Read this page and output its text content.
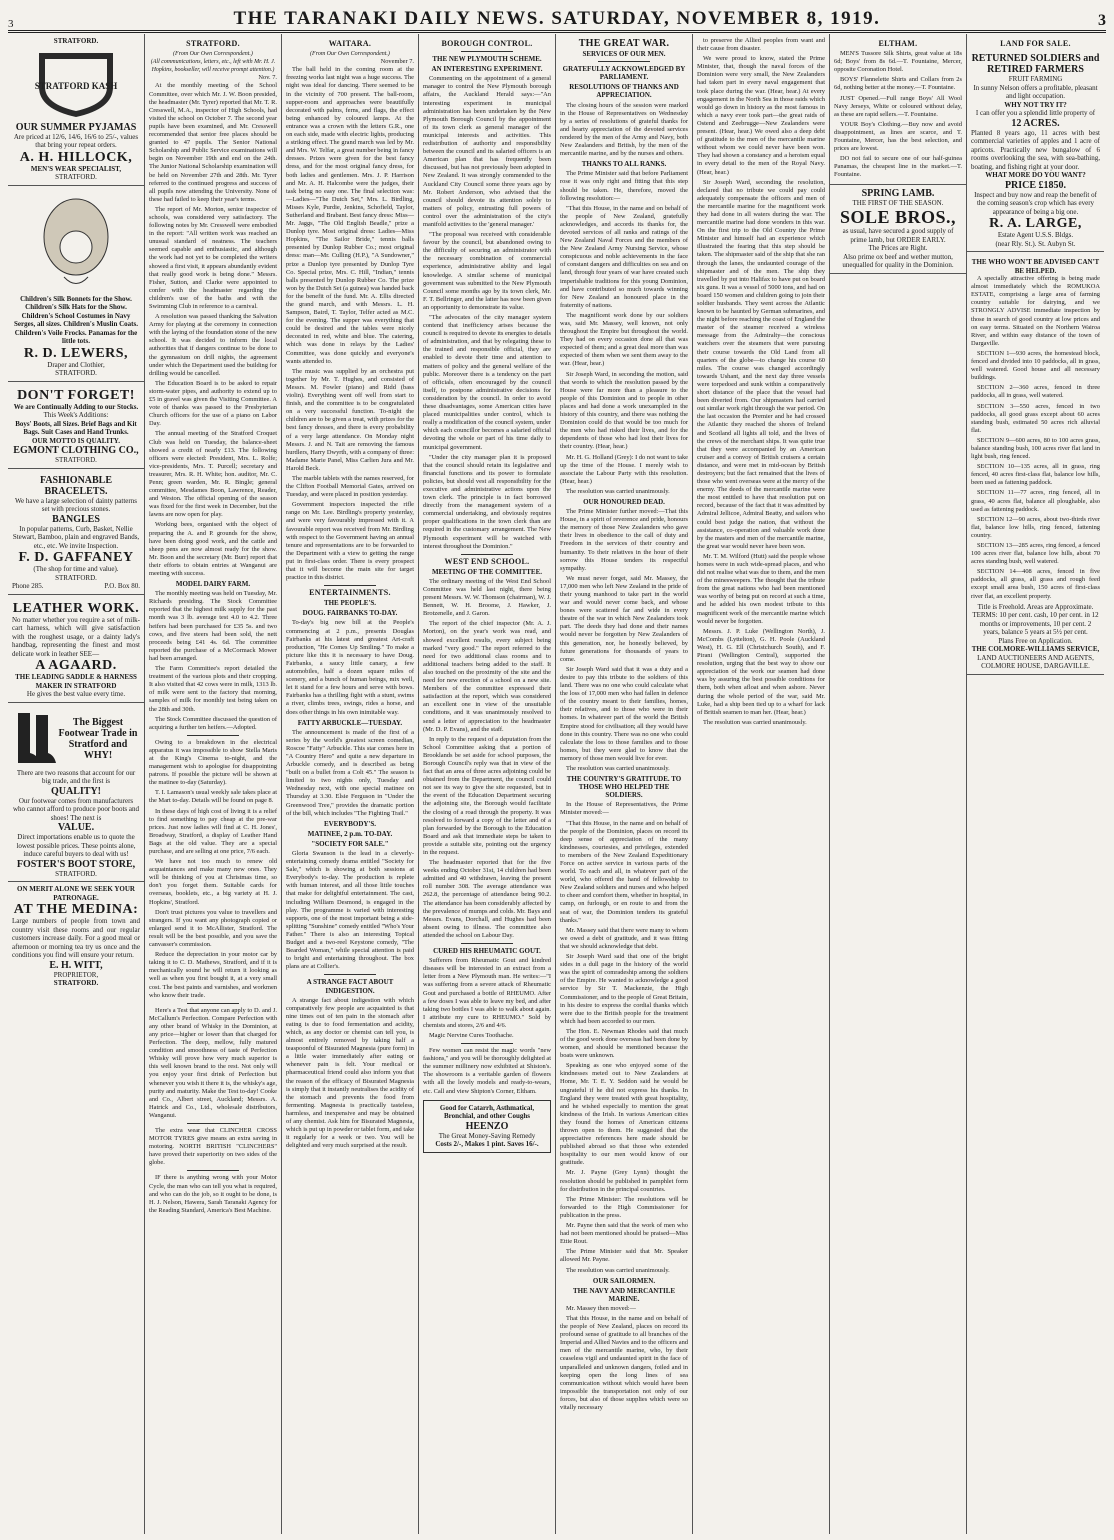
3	THE TARANAKI DAILY NEWS. SATURDAY, NOVEMBER 8, 1919.	3
STRATFORD.
STRATFORD KASH
OUR SUMMER PYJAMAS
Are priced at 12/6, 14/6, 16/6 to 25/-, values that bring your repeat orders.
A. H. HILLOCK,
MEN'S WEAR SPECIALIST,
STRATFORD.
Children's Silk Bonnets for the Show. Children's Silk Hats for the Show. Children's School Costumes in Navy Serges, all sizes. Children's Muslin Coats. Children's Voile Frocks. Panamas for the little tots.
R. D. LEWERS,
Draper and Clothier,
STRATFORD.
DON'T FORGET!
We are Continually Adding to our Stocks.
This Week's Additions:
Boys' Boots, all Sizes. Brief Bags and Kit Bags. Suit Cases and Hand Trunks.
OUR MOTTO IS QUALITY.
EGMONT CLOTHING CO.,
STRATFORD.
FASHIONABLE BRACELETS.
We have a large selection of dainty patterns set with precious stones.
BANGLES
In popular patterns, Curb, Basket, Nellie Stewart, Bamboo, plain and engraved Bands, etc., etc. We invite Inspection.
F. D. GAFFANEY
(The shop for time and value). STRATFORD.
Phone 285.	P.O. Box 80.
LEATHER WORK.
No matter whether you require a set of milk-cart harness, which will give satisfaction with the roughest usage, or a dainty lady's handbag, representing the finest and most delicate work in leather SEE—
A AGAARD.
THE LEADING SADDLE & HARNESS MAKER IN STRATFORD
He gives the best value every time.
The Biggest Footwear Trade in Stratford and WHY!
There are two reasons that account for our big trade, and the first is
QUALITY!
Our footwear comes from manufacturers who cannot afford to produce poor boots and shoes! The next is
VALUE.
Direct importations enable us to quote the lowest possible prices. These points alone, induce careful buyers to deal with us!
FOSTER'S BOOT STORE,
STRATFORD.
ON MERIT ALONE WE SEEK YOUR PATRONAGE.
AT THE MEDINA:
Large numbers of people from town and country visit these rooms and our regular customers increase daily. For a good meal or afternoon or morning tea try us once and the conditions you find will ensure your return.
E. H. WITT,
PROPRIETOR,
STRATFORD.
STRATFORD.
(From Our Own Correspondent.)
(All communications, letters, etc., left with Mr. H. J. Hopkins, bookseller, will receive prompt attention.)
Nov. 7.

At the monthly meeting of the School Committee, over which Mr. J. W. Boon presided, the headmaster (Mr. Tyrer) reported that Mr. T. R. Cresswell, M.A., inspector of High Schools, had visited the school on October 7. The second year pupils have been examined, and Mr. Cresswell recommended that senior free places should be granted to 47 pupils. The Senior National Scholarship and Public Service examinations will begin on November 19th and end on the 24th. The Junior National Scholarship examination will be held on November 27th and 28th. Mr. Tyrer referred to the continued progress and success of all pupils now attending the University. None of these had failed to keep their year's terms.

The report of Mr. Morton, senior inspector of schools, was considered very satisfactory. The following notes by Mr. Cresswell were embodied in the report: "All written work was reached an unusual standard of neatness. The teachers seemed capable and enthusiastic, and although the work had not yet to be completed the writers showed a first visit, it appears abundantly evident that really good work is being done." Messrs. Fisher, Sutton, and Clarke were appointed to confer with the headmaster regarding the children's use of the baths and with the Swimming Club in reference to a carnival.

A resolution was passed thanking the Salvation Army for playing at the ceremony in connection with the laying of the foundation stone of the new school. It was decided to inform the local authorities that if dangers continue to be done to the gymnasium on drill nights, the agreement under which the Department used the building for drilling would be cancelled.

The Education Board is to be asked to repair storm-water pipes, and authority to extend up to £5 in gravel was given the Visiting Committee. A vote of thanks was passed to the Presbyterian Church officers for the use of a piano on Labor Day.

The annual meeting of the Stratford Croquet Club was held on Tuesday, the balance-sheet showed a credit of nearly £13. The following officers were elected: President, Mrs. L. Rolfe; vice-presidents, Mrs. T. Purcell; secretary and treasurer, Mrs. R. H. White; hon. auditor, Mr. C. Penn; green warden, Mr. R. Bingle; general committee, Mesdames Boon, Lawrence, Reader, and Weston. The official opening of the season was fixed for the first week in December, but the lawns are now open for play.

Working bees, organised with the object of preparing the A. and P. grounds for the show, have been doing good work, and the cattle and sheep pens are now almost ready for the show. Mr. Boon and the secretary (Mr. Burr) report that their efforts to obtain entries at Wanganui are meeting with success.

MODEL DAIRY FARM.

The monthly meeting was held on Tuesday, Mr. Richards presiding. The Stock Committee reported that the highest milk supply for the past month was 3 lb. average test 4.0 to 4.2. Three heifers had been purchased for £35 5s. and two cows, and five steers had been sold, the nett proceeds being £41 4s. 6d. The committee reported the purchase of a McCormack Mower had been arranged.

The Farm Committee's report detailed the treatment of the various plots and their cropping. It also visited that 42 cows were in milk, 1313 lb. of milk were sent to the factory that morning, samples of milk for monthly test being taken on the 28th and 30th.

The Stock Committee discussed the question of acquiring a further ten heifers.—Adopted.

Owing to a breakdown in the electrical apparatus it was impossible to show Stella Maris at the King's Cinema to-night, and the management wish to apologise for disappointing patrons. If possible the picture will be shown at the matinee to-day (Saturday).

T. I. Lamason's usual weekly sale takes place at the Mart to-day. Details will be found on page 8.

In these days of high cost of living it is a relief to find something to pay cheap at the pre-war prices. Just now ladies will find at C. H. Jones', Broadway, Stratford, a display of Leather Hand Bags at the old value. They are a special purchase, and are selling at one price, 7/6 each.

We have not too much to renew old acquaintances and make many new ones. They will be thinking of you at Christmas time, so don't you forget them. Suitable cards for overseas, booklets, etc., a big variety at H. J. Hopkins', Stratford.

Don't trust pictures you value to travellers and strangers. If you want any photograph copied or enlarged send it to McAllister, Stratford. The result will be the best possible, and you save the canvasser's commission.

Reduce the depreciation in your motor car by taking it to C. D. Mathews, Stratford, and if it is mechanically sound he will return it looking as well as when you first bought it, at a very small cost. The best paints and varnishes, and workmen who know their trade.

Here's a Test that anyone can apply to D. and J. McCallum's Perfection. Compare Perfection with any other brand of Whisky in the Dominion, at any price—higher or lower than that charged for Perfection. The deep, mellow, fully matured condition and smoothness of taste of Perfection Whisky will prove how very much superior is this well known brand to the rest. Not only will you enjoy your first drink of Perfection but whenever you wish it there it is, the whisky's age, purity and maturity. Make the Test to-day! Cooke and Co., Albert street, Auckland; Messrs. A. Hatrick and Co., Ltd., wholesale distributors, Wanganui.

The extra wear that CLINCHER CROSS MOTOR TYRES give means an extra saving in motoring. NORTH BRITISH "CLINCHERS" have proved their superiority on two sides of the globe.

IF there is anything wrong with your Motor Cycle, the man who can tell you what is required, and who can do the job, so it ought to be done, is H. J. Nelson, Hawera, Sarah Taranaki Agency for the Reading Standard, America's Best Machine.

WAITARA.
(From Our Own Correspondent.)
November 7.

The ball held in the coming room at the freezing works last night was a huge success. The night was ideal for dancing. There seemed to be in the vicinity of 700 present. The ball-room, supper-room and approaches were beautifully decorated with palms, ferns, and flags, the effect being enhanced by coloured lamps. At the entrance was a crown with the letters G.R., one on each side, made with electric lights, producing a striking effect. The grand march was led by Mr. and Mrs. W. Telfar, a great number being in fancy dresses. Prizes were given for the best fancy dress, and for the most original fancy dress, for both ladies and gentlemen. Mrs. J. P. Harrison and Mr. A. H. Halcombe were the judges, their task being no easy one. The final selection was:—Ladies—"The Dutch Set," Mrs. L. Birdling, Misses Kyle, Purdie, Jenkins, Schofield, Taylor, Sutherland and Brabant. Best fancy dress: Miss—Mr. Jaggs, "The Old English Beadle," prize a Dunlop tyre. Most original dress: Ladies—Miss Hopkins, "The Sailor Bride," tennis balls presented by Dunlop Rubber Co.; most original dress: man—Mr. Culling (H.P.), "A Sundowner," prize a Dunlop tyre presented by Dunlop Tyre Co. Special prize, Mrs. C. Hill, "Indian," tennis balls presented by Dunlop Rubber Co. The prize won by the Dutch Set (a guinea) was handed back for the benefit of the fund. Mr. A. Ellis directed the grand march, and with Messrs. L. H. Sampson, Baird, T. Taylor, Telfer acted as M.C. for the evening. The supper was everything that could be desired and the tables were nicely decorated in red, white and blue. The catering, which was done in relays by the Ladies' Committee, was done quickly and everyone's wants attended to.

The music was supplied by an orchestra put together by Mr. T. Hughes, and consisted of Messrs. M. Fowler (piano) and Ridd (bass violin). Everything went off well from start to finish, and the committee is to be congratulated on a very successful function. To-night the children are to be given a treat, with prizes for the best fancy dresses, and there is every probability of a very large attendance. On Monday night Messrs. J. and N. Tait are removing the famous hurdlers, Harry Dwyrth, with a company of three: Madame Marie Panel, Miss Carlien Jura and Mr. Harold Beck.

The marble tablets with the names reserved, for the Clifton Football Memorial Gates, arrived on Tuesday, and were placed in position yesterday.

Government inspectors inspected the rifle range on Mr. Lee. Birdling's property yesterday, and were very favourably impressed with it. A favourable report was received from Mr. Birdling with respect to the Government having an annual tenure and representations are to be forwarded to the Department with a view to getting the range put in first-class order. There is every prospect that it will become the main site for target practice in this district.

ENTERTAINMENTS.
THE PEOPLE'S.
DOUG. FAIRBANKS TO-DAY.

To-day's big new bill at the People's commencing at 2 p.m., presents Douglas Fairbanks at his latest and greatest Art-craft production, "He Comes Up Smiling." To make a picture like this it is necessary to have Doug. Fairbanks, a saucy little canary, a few automobiles, half a dozen square miles of scenery, and a bunch of human beings, mix well, let it stand for a few hours and serve with bows. Fairbanks has a thrilling fight with a stunt, swims a river, climbs trees, swings, rides a horse, and does other things in his own inimitable way.

FATTY ARBUCKLE—TUESDAY.

The announcement is made of the first of a series by the world's greatest screen comedian, Roscoe "Fatty" Arbuckle. This star comes here in "A Country Hero" and quite a new departure in Arbuckle comedy, and is described as being "built on a bullet from a Colt 45." The season is limited to two nights only, Tuesday and Wednesday next, with one special matinee on Thursday at 3.30. Elsie Ferguson in "Under the Greenwood Tree," provides the dramatic portion of the bill, which includes "The Fighting Trail."

EVERYBODY'S.
MATINEE, 2 p.m. TO-DAY.
"SOCIETY FOR SALE."

Gloria Swanson is the lead in a cleverly-entertaining comedy drama entitled "Society for Sale," which is showing at both sessions at Everybody's to-day. The production is replete with human interest, and all those little touches that make for delightful entertainment. The cast, including William Desmond, is engaged in the play. The programme is varied with interesting supports, one of the most important being a side-splitting "Sunshine" comedy entitled "Who's Your Father." There is also an interesting Topical Budget and a two-reel Keystone comedy, "The Bearded Woman," while special attention is paid to bright and entertaining throughout. The box plans are at Collier's.

A STRANGE FACT ABOUT INDIGESTION.

A strange fact about indigestion with which comparatively few people are acquainted is that nine times out of ten pain in the stomach after eating is due to food fermentation and acidity, which, as any doctor or chemist can tell you, is almost entirely removed by taking half a teaspoonful of Bisurated Magnesia (pure form) in a little water immediately after eating or whenever pain is felt. Your medical or pharmaceutical friend could also inform you that the reason of the efficacy of Bisurated Magnesia is simply that it instantly neutralises the acidity of the stomach and prevents the food from fermenting. Magnesia is practically tasteless, harmless, and inexpensive and may be obtained of any chemist. Ask him for Bisurated Magnesia, which is put up in powder or tablet form, and take it regularly for a week or two. You will be delighted and very much surprised at the result.

BOROUGH CONTROL.
THE NEW PLYMOUTH SCHEME.
AN INTERESTING EXPERIMENT.

Commenting on the appointment of a general manager to control the New Plymouth borough affairs, the Auckland Herald says:—"An interesting experiment in municipal administration has been undertaken by the New Plymouth Borough Council by the appointment of its town clerk as general manager of the municipal interests and activities. This redistribution of authority and responsibility between the council and its salaried officers is an American plan that has frequently been discussed, but has not previously been adopted in New Zealand. It was strongly commended to the Auckland City Council some three years ago by Mr. Robert Anderson, who advised that the council should devote its attention solely to matters of policy, entrusting full powers of control over the administration of the city's manifold activities to the 'general manager.'

"The proposal was received with considerable favour by the council, but abandoned owing to the difficulty of securing an administrator with the necessary combination of commercial experience, administrative ability and legal knowledge. A similar scheme of municipal government was submitted to the New Plymouth Council some months ago by its town clerk, Mr. F. T. Bellringer, and the latter has now been given an opportunity to demonstrate its value.

"The advocates of the city manager system contend that inefficiency arises because the council is required to devote its energies to details of administration, and that by relegating these to the trained and responsible official, they are enabled to devote their time and attention to matters of policy and the general welfare of the public. Moreover there is a tendency on the part of officials, often encouraged by the council itself, to postpone administrative decisions for consideration by the council. In order to avoid these disadvantages, some American cities have placed municipalities under control, which is really a modification of the council system, under which each councillor becomes a salaried official devoting the whole or part of his time daily to municipal government.

"Under the city manager plan it is proposed that the council should retain its legislative and financial functions and its power to formulate policies, but should vest all responsibility for the executive and administrative actions upon the town clerk. The principle is in fact borrowed directly from the management system of a commercial undertaking, and obviously requires proper qualifications in the town clerk than are required in the customary arrangement. The New Plymouth experiment will be watched with interest throughout the Dominion."

WEST END SCHOOL.
MEETING OF THE COMMITTEE.

The ordinary meeting of the West End School Committee was held last night, there being present Messrs. W. W. Thomson (chairman), W. J. Bennett, W. H. Broome, J. Hawker, J. Brotzenelle, and J. Garon.

The report of the chief inspector (Mr. A. J. Morton), on the year's work was read, and showed excellent results, every subject being marked "very good." The report referred to the need for two additional class rooms and to additional teachers being added to the staff. It also touched on the proximity of the site and the need for new erection of a school on a new site. Members of the committee expressed their satisfaction at the report, which was considered an excellent one in view of the unsuitable conditions, and it was unanimously resolved to send a letter of appreciation to the headmaster (Mr. D. P. Evans), and the staff.

In reply to the request of a deputation from the School Committee asking that a portion of Brooklands be set aside for school purposes, the Borough Council's reply was that in view of the fact that an area of three acres adjoining could be obtained from the Department, the council could not see its way to give the site requested, but in the event of the Education Department securing the adjoining site, the Borough would facilitate the closing of a road through the property. It was resolved to forward a copy of the letter and of a plan forwarded by the Borough to the Education Board and ask that immediate steps be taken to provide a suitable site, pointing out the urgency in the request.

The headmaster reported that for the five weeks ending October 31st, 14 children had been admitted and 40 withdrawn, leaving the present roll number 308. The average attendance was 262.8, the percentage of attendance being 90.2. The attendance has been considerably affected by the prevalence of mumps and colds. Mr. Bays and Messrs. Evans, Dorchall, and Hughes had been absent owing to illness. The committee also attended the school on Labour Day.

CURED HIS RHEUMATIC GOUT.

Sufferers from Rheumatic Gout and kindred diseases will be interested in an extract from a letter from a New Plymouth man. He writes:—"I was suffering from a severe attack of Rheumatic Gout and purchased a bottle of RHEUMO. After a few doses I was able to leave my bed, and after taking two bottles I was able to walk about again. I attribute my cure to RHEUMO." Sold by chemists and stores, 2/6 and 4/6.

Magic Nervine Cures Toothache.

Few women can resist the magic words "new fashions," and you will be thoroughly delighted at the summer millinery now exhibited at Shiston's. The showroom is a veritable garden of flowers with all the lovely models and ready-to-wears, etc. Call and view Shipton's Corner, Eltham.

Good for Catarrh, Asthmatical, Bronchial, and other Coughs
HEENZO
The Great Money-Saving Remedy
Costs 2/-, Makes 1 pint. Saves 16/-.
THE GREAT WAR.
SERVICES OF OUR MEN.
GRATEFULLY ACKNOWLEDGED BY PARLIAMENT.
RESOLUTIONS OF THANKS AND APPRECIATION.

The closing hours of the session were marked in the House of Representatives on Wednesday by a series of resolutions of grateful thanks for and hearty appreciation of the devoted services rendered by the men of the Army and Navy, both New Zealanders and British, by the men of the mercantile marine, and by the nurses and others.

THANKS TO ALL RANKS.

The Prime Minister said that before Parliament rose it was only right and fitting that this step should be taken. He, therefore, moved the following resolution:—

"That this House, in the name and on behalf of the people of New Zealand, gratefully acknowledges, and accords its thanks for, the devoted services of all ranks and ratings of the New Zealand Naval Forces and the members of the New Zealand Army Nursing Service, whose conspicuous and noble achievements in the face of constant dangers and difficulties on sea and on land, through four years of war have created such imperishable traditions for this young Dominion, and have contributed so much towards winning for New Zealand an honoured place in the fraternity of nations.

The magnificent work done by our soldiers was, said Mr. Massey, well known, not only throughout the Empire but throughout the world. They had on every occasion done all that was expected of them; and a great deal more than was expected of them when we sent them away to the war. (Hear, hear.)

Sir Joseph Ward, in seconding the motion, said that words to which the resolution passed by the House were far more than a pleasure to the people of this Dominion and to people in other places and had done a work unexampled in the history of this country, and there was nothing the Dominion could do that would be too much for the men who had risked their lives, and for the dependents of those who had lost their lives for their country. (Hear, hear.)

Mr. H. G. Holland (Grey): I do not want to take up the time of the House. I merely wish to associate the Labour Party with this resolution. (Hear, hear.)

The resolution was carried unanimously.

OUR HONOURED DEAD.

The Prime Minister further moved:—That this House, in a spirit of reverence and pride, honours the memory of those New Zealanders who gave their lives in obedience to the call of duty and Freedom in the services of their country and humanity. To their relatives in the hour of their sorrow this House tenders its respectful sympathy.

We must never forget, said Mr. Massey, the 17,000 men who left New Zealand in the pride of their young manhood to take part in the world war and would never come back, and whose bones were scattered far and wide in every theatre of the war in which New Zealanders took part. The deeds they had done and their names would never be forgotten by New Zealanders of this generation, nor, he honestly believed, by future generations for thousands of years to come.

Sir Joseph Ward said that it was a duty and a desire to pay this tribute to the soldiers of this land. There was no one who could calculate what the loss of 17,000 men who had fallen in defence of the country meant to their families, homes, their relatives, and to those who were in their homes. In whatever part of the world the British Empire stood for civilisation; all they would have done in this country. There was no one who could calculate the loss to those families and to those homes, but they were glad to know that the memory of those men would live for ever.

The resolution was carried unanimously.

THE COUNTRY'S GRATITUDE. TO THOSE WHO HELPED THE SOLDIERS.

In the House of Representatives, the Prime Minister moved:—

"That this House, in the name and on behalf of the people of the Dominion, places on record its deep sense of appreciation of the many kindnesses, courtesies, and privileges, extended to members of the New Zealand Expeditionary Force on active service in various parts of the world. To each and all, in whatever part of the world, who offered the hand of fellowship to New Zealand soldiers and nurses and who helped to cheer and comfort them, whether in hospital, in camp, on furlough, or en route to and from the seat of war, the Dominion tenders its grateful thanks."

Mr. Massey said that there were many to whom we owed a debt of gratitude, and it was fitting that we should acknowledge that debt.

Sir Joseph Ward said that one of the bright sides in a dull page in the history of the world was the spirit of comradeship among the soldiers of the Empire. He wanted to acknowledge a good service by Sir T. Mackenzie, the High Commissioner, and to the people of Great Britain, in his desire to express the cordial thanks which were due to the British people for the treatment which had been accorded to our men.

The Hon. E. Newman Rhodes said that much of the good work done overseas had been done by women, and should be mentioned because the boats were unknown.

Speaking as one who enjoyed some of the kindnesses meted out to New Zealanders at Home, Mr. T. E. Y. Seddon said he would be ungrateful if he did not express his thanks. In England they were treated with great hospitality, and he wished especially to mention the great kindness of the Irish. In various American cities they found the homes of American citizens thrown open to them. He suggested that the appreciative references here made should be published abroad so that those who extended hospitality to our men would know of our gratitude.

Mr. J. Payne (Grey Lynn) thought the resolution should be published in pamphlet form for distribution in the principal countries.

The Prime Minister: The resolutions will be forwarded to the High Commissioner for publication in the press.

Mr. Payne then said that the work of men who had not been mentioned should be praised—Miss Ettie Rout.

The Prime Minister said that Mr. Speaker allowed Mr. Payne.

The resolution was carried unanimously.

OUR SAILORMEN.
THE NAVY AND MERCANTILE MARINE.

Mr. Massey then moved:—

That this House, in the name and on behalf of the people of New Zealand, places on record its profound sense of gratitude to all branches of the Imperial and Allied Navies and to the officers and men of the mercantile marine, who, by their ceaseless vigil and undaunted spirit in the face of unparalleled and unknown dangers, foiled and in keeping open the long lines of sea communication without which would have been impossible the transportation not only of our forces, but also of those supplies which were so vitally necessary

to preserve the Allied peoples from want and their cause from disaster.

We were proud to know, stated the Prime Minister, that, though the naval forces of the Dominion were very small, the New Zealanders had taken part in every naval engagement that took place during the war. (Hear, hear.) At every engagement in the North Sea in those raids which would go down in history as the most famous in which a navy ever took part—the great raids of Ostend and Zeebrugge—New Zealanders were present. (Hear, hear.) We owed also a deep debt of gratitude to the men of the mercantile marine without whom we could never have been won. They had shown a constancy and a heroism equal in every detail to the men of the Royal Navy. (Hear, hear.)

Sir Joseph Ward, seconding the resolution, declared that no tribute we could pay could adequately compensate the officers and men of the mercantile marine for the magnificent work they had done in all waters during the war. The mercantile marine had done wonders in this war. On the first trip to the Old Country the Prime Minister and himself had an experience which illustrated the fearing that this step should be taken. The shipmaster said of the ship that she ran through the lanes, the undaunted courage of the shipmaster and of the men. The ship they travelled by put into Halifax to have put on board six guns. It was a vessel of 5000 tons, and had on board 150 women and children going to join their soldier husbands. They went across the Atlantic known to be haunted by German submarines, and the night before reaching the coast of England the master of the steamer received a wireless message from the Admiralty—the conscious watchers over the steamers that were pursuing their course towards the Old Land from all quarters of the globe—to change his course 60 miles. The course was changed accordingly towards Ushant, and the next day three vessels were torpedoed and sunk within a comparatively short distance of the place that the vessel had been diverted from. Our shipmasters had carried out similar work right through the war period. On the last occasion the Premier and he had crossed the Atlantic they reached the shores of Ireland and Scotland all lights all told, and the lives of the crews of the merchant ships. It was quite true that they were accompanied by an American cruiser and a convoy of British cruisers a certain distance, and were met in mid-ocean by British destroyers; but the fact remained that the lives of those who went overseas were at the mercy of the enemy. The deeds of the mercantile marine were the most entitled to have that resolution put on record, because of the fact that it was admitted by Admiral Jellicoe, Admiral Beatty, and sailors who could best judge the nation, that without the assistance, co-operation and valuable work done by the masters and men of the mercantile marine, the great war would never have been won.

Mr. T. M. Wilford (Hutt) said the people whose homes were in such wide-spread places, and who did not realise what was due to them, and the men of the minesweepers. The thought that the tribute from the great nations who had been mentioned was worthy of being put on record at such a time, and he added his own modest tribute to this magnificent work of the mercantile marine which would never be forgotten.

Messrs. J. P. Luke (Wellington North), J. McCombs (Lyttelton), G. H. Poole (Auckland West), H. G. Ell (Christchurch South), and F. Pirani (Wellington Central), supported the resolution, urging that the best way to show our appreciation of the work our seamen had done was by assuring the best possible conditions for them, both when afloat and when ashore. Never during the whole period of the war, said Mr. Luke, had a ship been tied up to a wharf for lack of British seamen to man her. (Hear, hear.)

The resolution was carried unanimously.

ELTHAM.

MEN'S Tussore Silk Shirts, great value at 18s 6d; Boys' from 8s 6d.—T. Fountaine, Mercer, opposite Coronation Hotel.

BOYS' Flannelette Shirts and Collars from 2s 6d, nothing better at the money.—T. Fountaine.

JUST Opened.—Full range Boys' All Wool Navy Jerseys, White or coloured without delay, as these are rapid sellers.—T. Fountaine.

YOUR Boy's Clothing.—Buy now and avoid disappointment, as lines are scarce, and T. Fountaine, Mercer, has the best selection, and prices are lowest.

DO not fail to secure one of our half-guinea Panamas, the cheapest line in the market.—T. Fountaine.

SPRING LAMB.
THE FIRST OF THE SEASON.
SOLE BROS.,
as usual, have secured a good supply of prime lamb, but ORDER EARLY.
The Prices are Right.
Also prime ox beef and wether mutton, unequalled for quality in the Dominion.
LAND FOR SALE.
RETURNED SOLDIERS and RETIRED FARMERS
FRUIT FARMING
In sunny Nelson offers a profitable, pleasant and light occupation.
WHY NOT TRY IT?
I can offer you a splendid little property of
12 ACRES.
Planted 8 years ago, 11 acres with best commercial varieties of apples and 1 acre of apricots. Practically new bungalow of 6 rooms overlooking the sea, with sea-bathing, boating, and fishing right at your door.
WHAT MORE DO YOU WANT?
PRICE £1850.
Inspect and buy now and reap the benefit of the coming season's crop which has every appearance of being a big one.
R. A. LARGE,
Estate Agent U.S.S. Bldgs.
(near Rly. St.). St. Aubyn St.
THE WHO WON'T BE ADVISED CAN'T BE HELPED.

A specially attractive offering is being made almost immediately which the ROMUKOA ESTATE, comprising a large area of farming country suitable for dairying, and we STRONGLY ADVISE immediate inspection by those in search of good country at low prices and on easy terms. Situated on the Northern Wairoa River, and within easy distance of the town of Dargaville.

SECTION 1—930 acres, the homestead block, fenced and divided into 10 paddocks, all in grass, well watered. Good house and all necessary buildings.

SECTION 2—360 acres, fenced in three paddocks, all in grass, well watered.

SECTION 3—550 acres, fenced in two paddocks, all good grass except about 60 acres standing bush, estimated 50 acres rich alluvial flat.

SECTION 9—600 acres, 80 to 100 acres grass, balance standing bush, 100 acres river flat land in light bush, ring fenced.

SECTION 10—135 acres, all in grass, ring fenced, 40 acres first-class flat, balance low hills, been used as fattening paddock.

SECTION 11—77 acres, ring fenced, all in grass, 40 acres flat, balance all ploughable, also used as fattening paddock.

SECTION 12—90 acres, about two-thirds river flat, balance low hills, ring fenced, fattening country.

SECTION 13—285 acres, ring fenced, a fenced 100 acres river flat, balance low hills, about 70 acres standing bush, well watered.

SECTION 14—408 acres, fenced in five paddocks, all grass, all grass and rough feed except small area bush, 150 acres of first-class river flat, an excellent property.

Title is Freehold. Areas are Approximate.
TERMS: 10 per cent. cash, 10 per cent. in 12 months or improvements, 10 per cent. 2 years, balance 5 years at 5½ per cent.
Plans Free on Application.
THE COLMORE-WILLIAMS SERVICE,
LAND AUCTIONEERS AND AGENTS, COLMORE HOUSE, DARGAVILLE.
